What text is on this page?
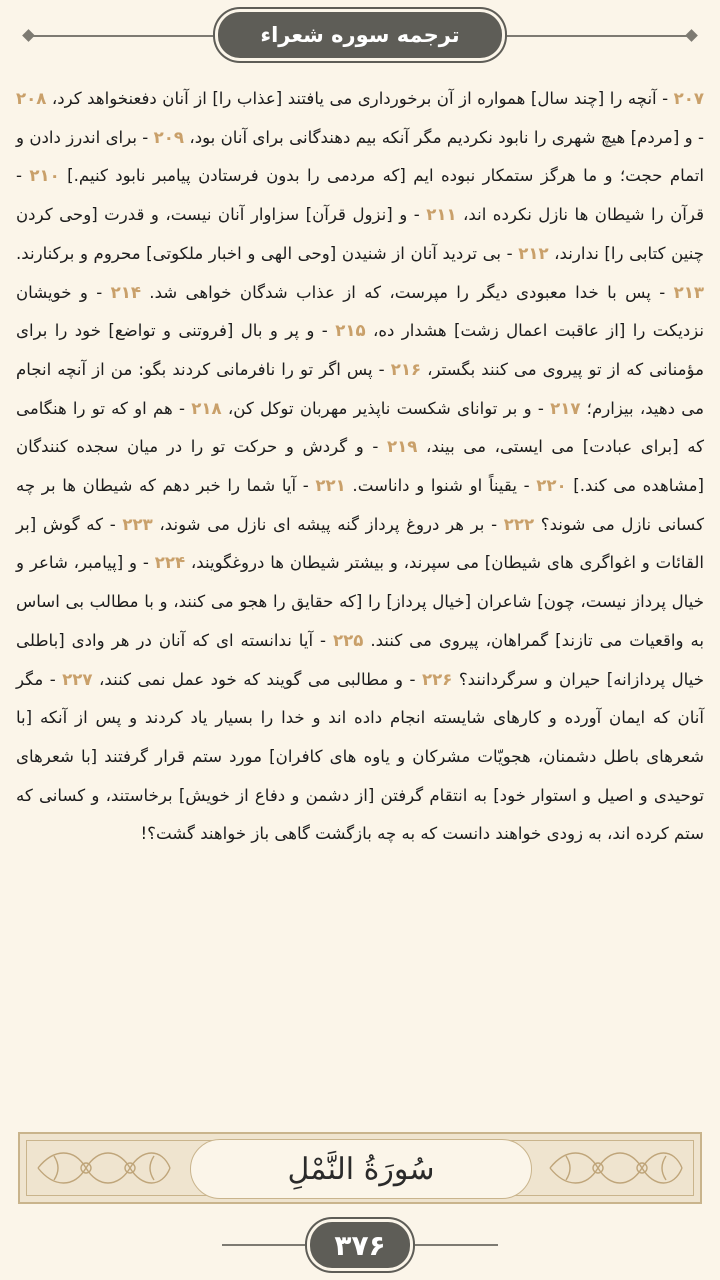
ترجمه سوره شعراء
۲۰۷ - آنچه را [چند سال] همواره از آن برخورداری می یافتند [عذاب را] از آنان دفعنخواهد کرد، ۲۰۸ - و [مردم] هیچ شهری را نابود نکردیم مگر آنکه بیم دهندگانی برای آنان بود، ۲۰۹ - برای اندرز دادن و اتمام حجت؛ و ما هرگز ستمکار نبوده ایم [که مردمی را بدون فرستادن پیامبر نابود کنیم.] ۲۱۰ - قرآن را شیطان ها نازل نکرده اند، ۲۱۱ - و [نزول قرآن] سزاوار آنان نیست، و قدرت [وحی کردن چنین کتابی را] ندارند، ۲۱۲ - بی تردید آنان از شنیدن [وحی الهی و اخبار ملکوتی] محروم و برکنارند. ۲۱۳ - پس با خدا معبودی دیگر را مپرست، که از عذاب شدگان خواهی شد. ۲۱۴ - و خویشان نزدیکت را [از عاقبت اعمال زشت] هشدار ده، ۲۱۵ - و پر و بال [فروتنی و تواضع] خود را برای مؤمنانی که از تو پیروی می کنند بگستر، ۲۱۶ - پس اگر تو را نافرمانی کردند بگو: من از آنچه انجام می دهید، بیزارم؛ ۲۱۷ - و بر توانای شکست ناپذیر مهربان توکل کن، ۲۱۸ - هم او که تو را هنگامی که [برای عبادت] می ایستی، می بیند، ۲۱۹ - و گردش و حرکت تو را در میان سجده کنندگان [مشاهده می کند.] ۲۲۰ - یقیناً او شنوا و داناست. ۲۲۱ - آیا شما را خبر دهم که شیطان ها بر چه کسانی نازل می شوند؟ ۲۲۲ - بر هر دروغ پرداز گنه پیشه ای نازل می شوند، ۲۲۳ - که گوش [بر القائات و اغواگری های شیطان] می سپرند، و بیشتر شیطان ها دروغگویند، ۲۲۴ - و [پیامبر، شاعر و خیال پرداز نیست، چون] شاعران [خیال پرداز] را [که حقایق را هجو می کنند، و با مطالب بی اساس به واقعیات می تازند] گمراهان، پیروی می کنند. ۲۲۵ - آیا ندانسته ای که آنان در هر وادی [باطلی خیال پردازانه] حیران و سرگردانند؟ ۲۲۶ - و مطالبی می گویند که خود عمل نمی کنند، ۲۲۷ - مگر آنان که ایمان آورده و کارهای شایسته انجام داده اند و خدا را بسیار یاد کردند و پس از آنکه [با شعرهای باطل دشمنان، هجویّات مشرکان و یاوه های کافران] مورد ستم قرار گرفتند [با شعرهای توحیدی و اصیل و استوار خود] به انتقام گرفتن [از دشمن و دفاع از خویش] برخاستند، و کسانی که ستم کرده اند، به زودی خواهند دانست که به چه بازگشت گاهی باز خواهند گشت؟!
سُورَةُ النَّمْلِ
۳۷۶
